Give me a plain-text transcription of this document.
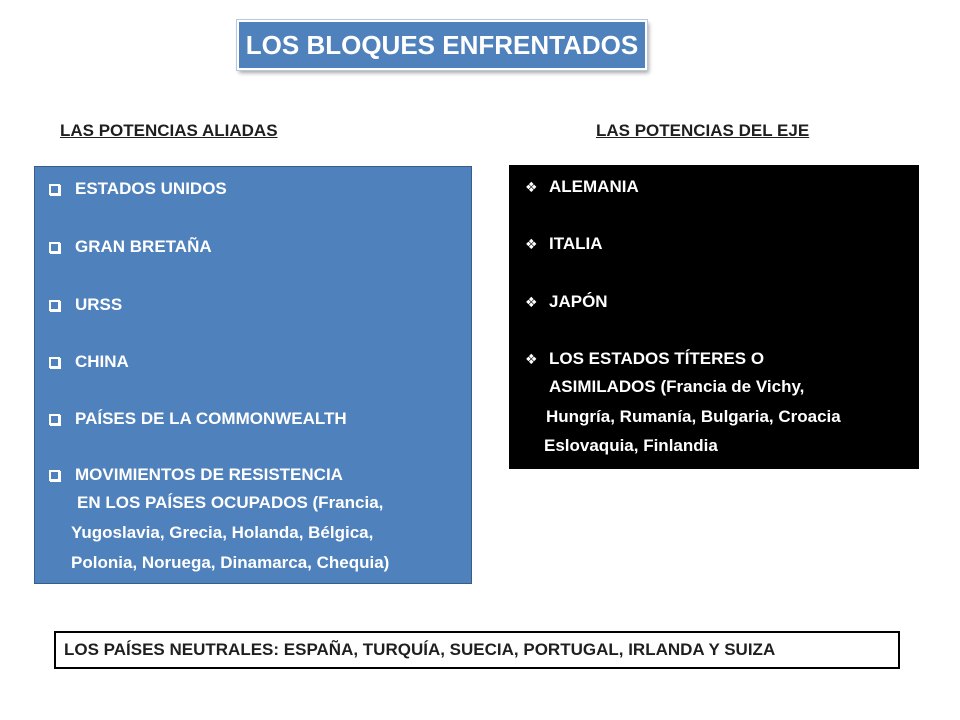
LOS BLOQUES ENFRENTADOS
LAS POTENCIAS ALIADAS	LAS POTENCIAS DEL EJE
ESTADOS UNIDOS
GRAN BRETAÑA
URSS
CHINA
PAÍSES DE LA COMMONWEALTH
MOVIMIENTOS DE RESISTENCIA
EN LOS PAÍSES OCUPADOS (Francia,
Yugoslavia, Grecia, Holanda, Bélgica,
Polonia, Noruega, Dinamarca, Chequia)
❖ ALEMANIA
❖ ITALIA
❖ JAPÓN
❖ LOS ESTADOS TÍTERES O
ASIMILADOS (Francia de Vichy,
Hungría, Rumanía, Bulgaria, Croacia
Eslovaquia, Finlandia
LOS PAÍSES NEUTRALES: ESPAÑA, TURQUÍA, SUECIA, PORTUGAL, IRLANDA Y SUIZA
